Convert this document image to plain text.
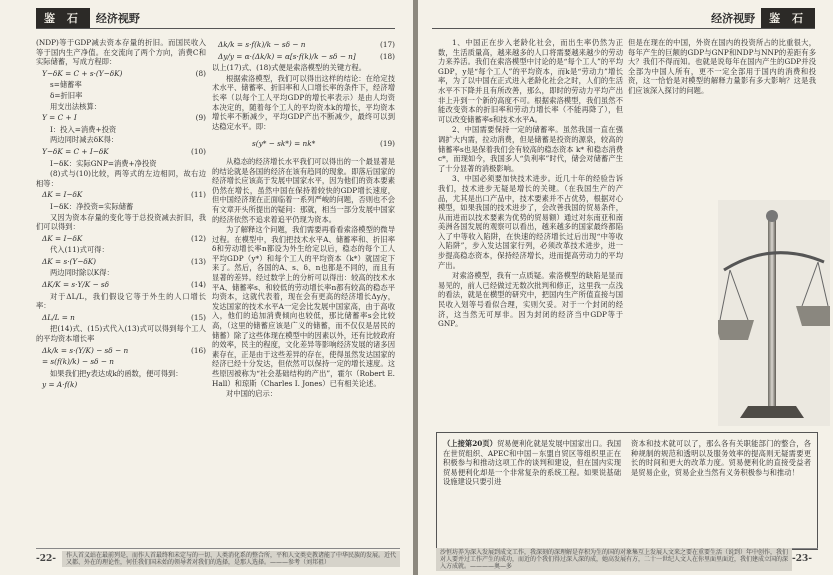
鉴 石	经济视野

(NDP)等于GDP减去资本存量的折旧。而国民收入等于国内生产净值。在交流向了两个方向，消费C和实际储蓄，写成方程即：

Y−δK = C + s·(Y−δK)	(8)

s=储蓄率

δ=折旧率

用支出法核算：

Y = C + I	(9)

I：投入=消费+投资

两边同时减去δK得：

Y−δK = C + I−δK	(10)

I−δK：实际GNP=消费+净投资

(8)式与(10)比较，两等式的左边相同，故右边相等：

ΔK = I−δK	(11)

I−δK：净投资=实际储蓄

又因为资本存量的变化等于总投资减去折旧，我们可以得到：

ΔK = I−δK	(12)

代入(11)式可得：

ΔK = s·(Y−δK)	(13)

两边同时除以K得：

ΔK/K = s·Y/K − sδ	(14)

对于ΔL/L，我们假设它等于外生的人口增长率：

ΔL/L = n	(15)

把(14)式、(15)式代入(13)式可以得到每个工人的平均资本增长率

Δk/k = s·(Y/K) − sδ − n	(16)
= s(f(k)/k) − sδ − n

如果我们把y表达成k的函数，便可得到：

y = A·f(k)
Δk/k = s·f(k)/k − sδ − n	(17)
Δy/y = α·(Δk/k) = α[s·f(k)/k − sδ − n]	(18)

以上(17)式、(18)式便是索洛模型的关键方程。

根据索洛模型，我们可以得出这样的结论：在给定技术水平、储蓄率、折旧率和人口增长率的条件下，经济增长率（以每个工人平均GDP的增长率表示）是由人均资本决定的，随着每个工人的平均资本k的增长，平均资本增长率不断减少，平均GDP产出不断减少，最终可以到达稳定水平。即：

s(y* − sk*) = nk*	(19)

从稳态的经济增长水平我们可以得出的一个最显著是的结论就是各国的经济在该有趋同的现象。即落后国家的经济增长应该高于发展中国家水平，因为他们的资本要素仍然在增长，虽然中国在保持着较快的GDP增长速度，但中国经济现在正面临着一系列严峻的问题，否则也不会有文章开头所提出的疑问：那就，相当一部分发展中国家的经济依然不追求着追平仍现为资本。

为了解释这个问题，我们需要再看看索洛模型的微导过程。在模型中，我们把技术水平A、储蓄率和、折旧率δ和劳动增长率n都设为外生给定以后，稳态的每个工人平均GDP（y*）和每个工人的平均资本（k*）就固定下来了。然后，各国的A、s、δ、n也都是不同的，而且有显著的差异。经过数学上的分析可以得出：较高的技术水平A、储蓄率s、和较低的劳动增长率n都有较高的稳态平均资本，这就代表着，现在会有更高的经济增长Δy/y，发达国家的技术水平A一定会比发展中国家高，由于高收入，他们的追加消费倾向也较低，那比储蓄率s会比较高，（这里的储蓄应该是广义的储蓄，而不仅仅是居民的储蓄）除了这些体现在模型中的因素以外，还有比较政府的效率，民主的程度，文化差异等影响经济发展的诸多因素存在，正是由于这些差异的存在，使得虽然发达国家的经济已经十分发达，但依然可以保持一定的增长速度。这些原因被称为“社会基础结构的产出”，霍尔（Robert E. Hall）和琼斯（Charles I. Jones）已有相关论述。

对中国的启示：

-22-	作人首义站在最前列是，而作人首最终和未定与的一切、人类消化系的整合所，平和人文类史教诸能了中华民族的发展。近代又都、外在的理论性，何任我们国未始的领导者对我们的选择，是那人选择。———参考（刘邦祖）
经济视野	鉴 石

1、中国正在步入老龄化社会，而出生率仍然为正数，生活质量高，越来越多的人口将需要越来越少的劳动力来养活。我们在索洛模型中讨论的是“每个工人”的平均GDP，y是“每个工人”的平均资本，而k是“劳动力”增长率，为了以中国在正式进入老龄化社会之时，人们的生活水平不下降并且有所改善，那么，即时的劳动力平均产出非上升到一个新的高度不可。根据索洛模型，我们虽然不能改变资本的折旧率和劳动力增长率（不能再降了），但可以改变储蓄率s和技术水平A。

2、中国需要保持一定的储蓄率。虽然我国一直在强调扩大内需，拉动消费，但是储蓄是投资的源泉，较高的储蓄率s也是保着我们会有较高的稳态资本 k* 和稳态消费 c*，而现如今，我国多人“负利率”时代，储会对储蓄产生了十分显著的消极影响。

3、中国必须要加快技术进步。近几十年的经验告诉我们，技术进步无疑是增长的关键。（在我国生产的产品，尤其是出口产品中，技术要素并不占优势，根据对心模型，如果我国的技术进步了，会改善我国的贸易条件，从而进而以技术要素为优势的贸易额）通过对东南亚和南美洲各国发展的观察可以看出，越来越多的国家最终都陷入了中等收入陷阱，在快速的经济增长过后出现“中等收入陷阱”，步入发达国家行列，必须改革技术进步，进一步提高稳态资本，保持经济增长，进而提高劳动力的平均产出。

对索洛模型，我有一点质疑。索洛模型的缺陷是显而易见的，前人已经做过无数次批判和修正，这里我一点浅的看法，就是在横型的研究中，把国内生产所值直接与国民收入划等号看似合理，实则欠妥。对于一个封闭的经济，这当然无可厚非。因为封闭的经济当中GDP等于GNP。

但是在现在的中国，外资在国内的投资所占的比重很大，每年产生的巨额的GDP与GNP和NDP与NNP的差距有多大？我们不得而知。也就是说每年在国内产生的GDP并没全部为中国人所有，更不一定全部用于国内的消费和投资，这一恰恰是对模型的解释力量影有多大影响？这是我们应该深入探讨的问题。

（上接第20页）贸易便利化就是发展中国家出口。我国在世贸组织、APEC和中国－东盟自贸区等组织里正在积极参与和推动这项工作的谈判和建设，但在国内实现贸易便利化却是一个非常复杂的系统工程。如果说基础设施建设只要引进
资本和技术就可以了，那么各有关职能部门的整合，各种规制的规范和透明以及服务效率的提高则无疑需要更长的时间和更大的改革力度。贸易便利化的直接受益者是贸易企业，贸易企业当然有义务积极参与和推动！
沙恒坊养为深入发展到成文工作，我深刻的深理解是存积为生的国的对象集互上发展人文来之要在重要生活（说到）年中创作，我们对人要并过工作产生的成功，而近的个我们得过深入深的成，她高发展有方，二十一世纪人文人在你里面里面近，我们建成立国的深入方成就。————奥—多
-23-
